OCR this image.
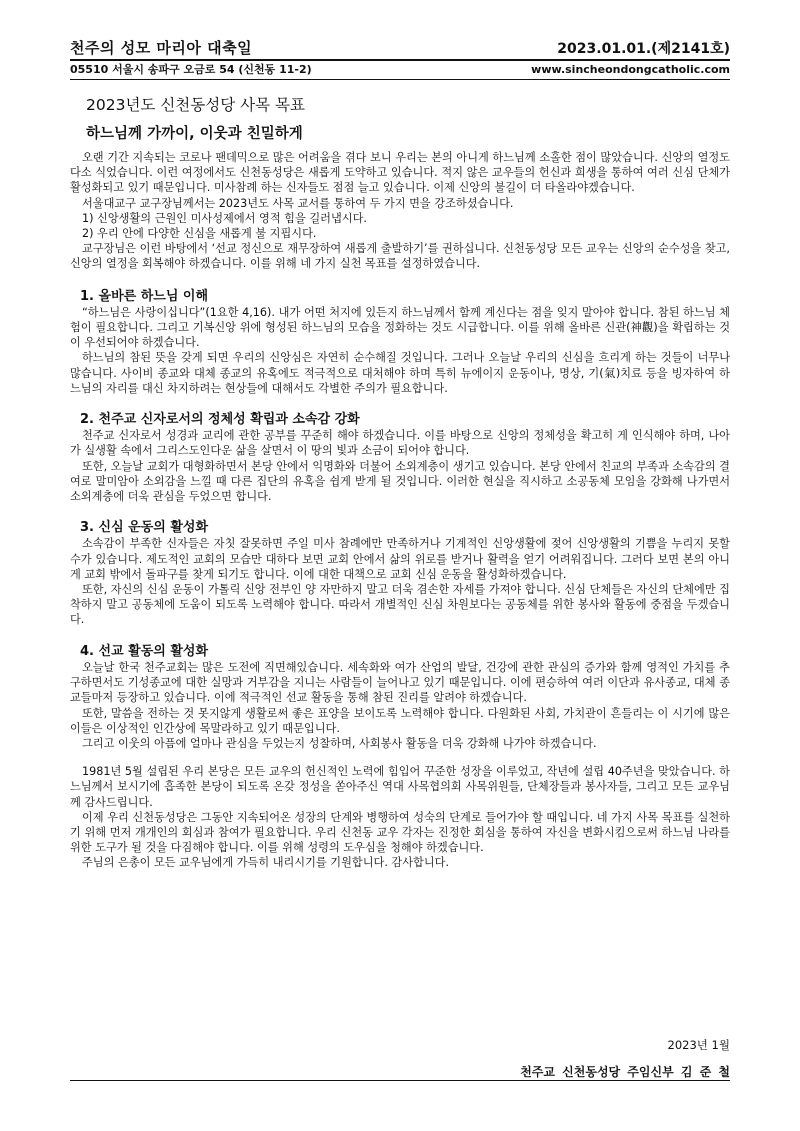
천주의 성모 마리아 대축일	2023.01.01.(제2141호)
05510 서울시 송파구 오금로 54 (신천동 11-2)	www.sincheondongcatholic.com
2023년도 신천동성당 사목 목표
하느님께 가까이, 이웃과 친밀하게

오랜 기간 지속되는 코로나 팬데믹으로 많은 어려움을 겪다 보니 우리는 본의 아니게 하느님께 소홀한 점이 많았습니다. 신앙의 열정도 다소 식었습니다. 이런 여정에서도 신천동성당은 새롭게 도약하고 있습니다. 적지 않은 교우들의 헌신과 희생을 통하여 여러 신심 단체가 활성화되고 있기 때문입니다. 미사참례 하는 신자들도 점점 늘고 있습니다. 이제 신앙의 불길이 더 타올라야겠습니다.

서울대교구 교구장님께서는 2023년도 사목 교서를 통하여 두 가지 면을 강조하셨습니다.

1) 신앙생활의 근원인 미사성제에서 영적 힘을 길러냅시다.

2) 우리 안에 다양한 신심을 새롭게 불 지핍시다.

교구장님은 이런 바탕에서 ‘선교 정신으로 재무장하여 새롭게 출발하기’를 권하십니다. 신천동성당 모든 교우는 신앙의 순수성을 찾고, 신앙의 열정을 회복해야 하겠습니다. 이를 위해 네 가지 실천 목표를 설정하였습니다.

1. 올바른 하느님 이해

“하느님은 사랑이십니다”(1요한 4,16). 내가 어떤 처지에 있든지 하느님께서 함께 계신다는 점을 잊지 말아야 합니다. 참된 하느님 체험이 필요합니다. 그리고 기복신앙 위에 형성된 하느님의 모습을 정화하는 것도 시급합니다. 이를 위해 올바른 신관(神觀)을 확립하는 것이 우선되어야 하겠습니다.

하느님의 참된 뜻을 갖게 되면 우리의 신앙심은 자연히 순수해질 것입니다. 그러나 오늘날 우리의 신심을 흐리게 하는 것들이 너무나 많습니다. 사이비 종교와 대체 종교의 유혹에도 적극적으로 대처해야 하며 특히 뉴에이지 운동이나, 명상, 기(氣)치료 등을 빙자하여 하느님의 자리를 대신 차지하려는 현상들에 대해서도 각별한 주의가 필요합니다.

2. 천주교 신자로서의 정체성 확립과 소속감 강화

천주교 신자로서 성경과 교리에 관한 공부를 꾸준히 해야 하겠습니다. 이를 바탕으로 신앙의 정체성을 확고히 게 인식해야 하며, 나아가 실생활 속에서 그리스도인다운 삶을 살면서 이 땅의 빛과 소금이 되어야 합니다.

또한, 오늘날 교회가 대형화하면서 본당 안에서 익명화와 더불어 소외계층이 생기고 있습니다. 본당 안에서 친교의 부족과 소속감의 결여로 말미암아 소외감을 느낄 때 다른 집단의 유혹을 쉽게 받게 될 것입니다. 이러한 현실을 직시하고 소공동체 모임을 강화해 나가면서 소외계층에 더욱 관심을 두었으면 합니다.

3. 신심 운동의 활성화

소속감이 부족한 신자들은 자칫 잘못하면 주일 미사 참례에만 만족하거나 기계적인 신앙생활에 젖어 신앙생활의 기쁨을 누리지 못할 수가 있습니다. 제도적인 교회의 모습만 대하다 보면 교회 안에서 삶의 위로를 받거나 활력을 얻기 어려워집니다. 그러다 보면 본의 아니게 교회 밖에서 돌파구를 찾게 되기도 합니다. 이에 대한 대책으로 교회 신심 운동을 활성화하겠습니다.

또한, 자신의 신심 운동이 가톨릭 신앙 전부인 양 자만하지 말고 더욱 겸손한 자세를 가져야 합니다. 신심 단체들은 자신의 단체에만 집착하지 말고 공동체에 도움이 되도록 노력해야 합니다. 따라서 개별적인 신심 차원보다는 공동체를 위한 봉사와 활동에 중점을 두겠습니다.

4. 선교 활동의 활성화

오늘날 한국 천주교회는 많은 도전에 직면해있습니다. 세속화와 여가 산업의 발달, 건강에 관한 관심의 증가와 함께 영적인 가치를 추구하면서도 기성종교에 대한 실망과 거부감을 지니는 사람들이 늘어나고 있기 때문입니다. 이에 편승하여 여러 이단과 유사종교, 대체 종교들마저 등장하고 있습니다. 이에 적극적인 선교 활동을 통해 참된 진리를 알려야 하겠습니다.

또한, 말씀을 전하는 것 못지않게 생활로써 좋은 표양을 보이도록 노력해야 합니다. 다원화된 사회, 가치관이 흔들리는 이 시기에 많은 이들은 이상적인 인간상에 목말라하고 있기 때문입니다.

그리고 이웃의 아픔에 얼마나 관심을 두었는지 성찰하며, 사회봉사 활동을 더욱 강화해 나가야 하겠습니다.

1981년 5월 설립된 우리 본당은 모든 교우의 헌신적인 노력에 힘입어 꾸준한 성장을 이루었고, 작년에 설립 40주년을 맞았습니다. 하느님께서 보시기에 흡족한 본당이 되도록 온갖 정성을 쏟아주신 역대 사목협의회 사목위원들, 단체장들과 봉사자들, 그리고 모든 교우님께 감사드립니다.

이제 우리 신천동성당은 그동안 지속되어온 성장의 단계와 병행하여 성숙의 단계로 들어가야 할 때입니다. 네 가지 사목 목표를 실천하기 위해 먼저 개개인의 회심과 참여가 필요합니다. 우리 신천동 교우 각자는 진정한 회심을 통하여 자신을 변화시킴으로써 하느님 나라를 위한 도구가 될 것을 다짐해야 합니다. 이를 위해 성령의 도우심을 청해야 하겠습니다.

주님의 은총이 모든 교우님에게 가득히 내리시기를 기원합니다. 감사합니다.

2023년 1월
천주교 신천동성당 주임신부 김 준 철
